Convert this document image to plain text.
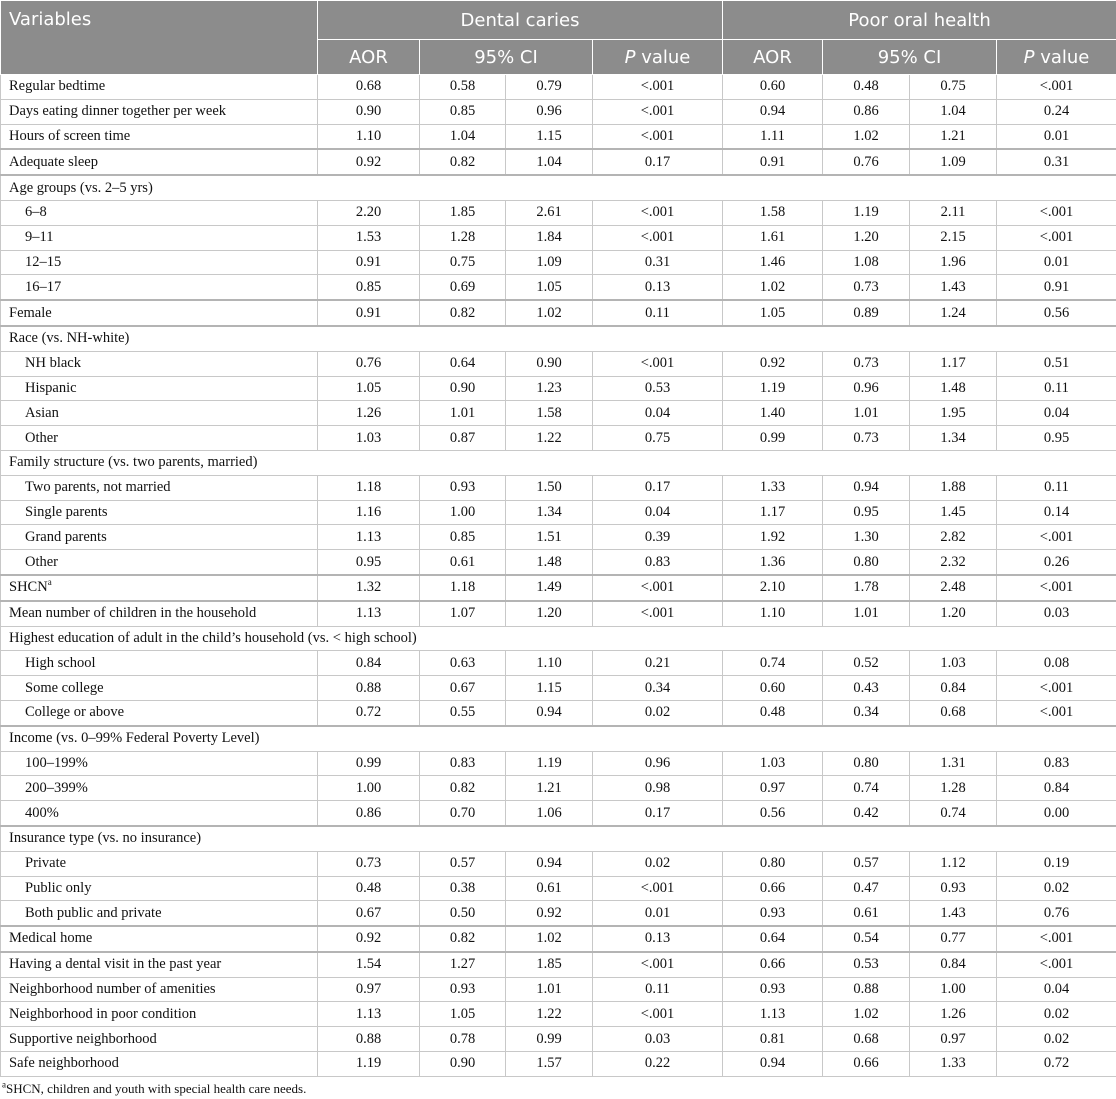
Variables	Dental caries				Poor oral health			
	AOR	95% CI		P value	AOR	95% CI		P value
Regular bedtime	0.68	0.58	0.79	<.001	0.60	0.48	0.75	<.001
Days eating dinner together per week	0.90	0.85	0.96	<.001	0.94	0.86	1.04	0.24
Hours of screen time	1.10	1.04	1.15	<.001	1.11	1.02	1.21	0.01
Adequate sleep	0.92	0.82	1.04	0.17	0.91	0.76	1.09	0.31
Age groups (vs. 2–5 yrs)								
6–8	2.20	1.85	2.61	<.001	1.58	1.19	2.11	<.001
9–11	1.53	1.28	1.84	<.001	1.61	1.20	2.15	<.001
12–15	0.91	0.75	1.09	0.31	1.46	1.08	1.96	0.01
16–17	0.85	0.69	1.05	0.13	1.02	0.73	1.43	0.91
Female	0.91	0.82	1.02	0.11	1.05	0.89	1.24	0.56
Race (vs. NH-white)								
NH black	0.76	0.64	0.90	<.001	0.92	0.73	1.17	0.51
Hispanic	1.05	0.90	1.23	0.53	1.19	0.96	1.48	0.11
Asian	1.26	1.01	1.58	0.04	1.40	1.01	1.95	0.04
Other	1.03	0.87	1.22	0.75	0.99	0.73	1.34	0.95
Family structure (vs. two parents, married)								
Two parents, not married	1.18	0.93	1.50	0.17	1.33	0.94	1.88	0.11
Single parents	1.16	1.00	1.34	0.04	1.17	0.95	1.45	0.14
Grand parents	1.13	0.85	1.51	0.39	1.92	1.30	2.82	<.001
Other	0.95	0.61	1.48	0.83	1.36	0.80	2.32	0.26
SHCN$^a$	1.32	1.18	1.49	<.001	2.10	1.78	2.48	<.001
Mean number of children in the household	1.13	1.07	1.20	<.001	1.10	1.01	1.20	0.03
Highest education of adult in the child’s household (vs. < high school)								
High school	0.84	0.63	1.10	0.21	0.74	0.52	1.03	0.08
Some college	0.88	0.67	1.15	0.34	0.60	0.43	0.84	<.001
College or above	0.72	0.55	0.94	0.02	0.48	0.34	0.68	<.001
Income (vs. 0–99% Federal Poverty Level)								
100–199%	0.99	0.83	1.19	0.96	1.03	0.80	1.31	0.83
200–399%	1.00	0.82	1.21	0.98	0.97	0.74	1.28	0.84
400%	0.86	0.70	1.06	0.17	0.56	0.42	0.74	0.00
Insurance type (vs. no insurance)								
Private	0.73	0.57	0.94	0.02	0.80	0.57	1.12	0.19
Public only	0.48	0.38	0.61	<.001	0.66	0.47	0.93	0.02
Both public and private	0.67	0.50	0.92	0.01	0.93	0.61	1.43	0.76
Medical home	0.92	0.82	1.02	0.13	0.64	0.54	0.77	<.001
Having a dental visit in the past year	1.54	1.27	1.85	<.001	0.66	0.53	0.84	<.001
Neighborhood number of amenities	0.97	0.93	1.01	0.11	0.93	0.88	1.00	0.04
Neighborhood in poor condition	1.13	1.05	1.22	<.001	1.13	1.02	1.26	0.02
Supportive neighborhood	0.88	0.78	0.99	0.03	0.81	0.68	0.97	0.02
Safe neighborhood	1.19	0.90	1.57	0.22	0.94	0.66	1.33	0.72
$^a$SHCN, children and youth with special health care needs.
